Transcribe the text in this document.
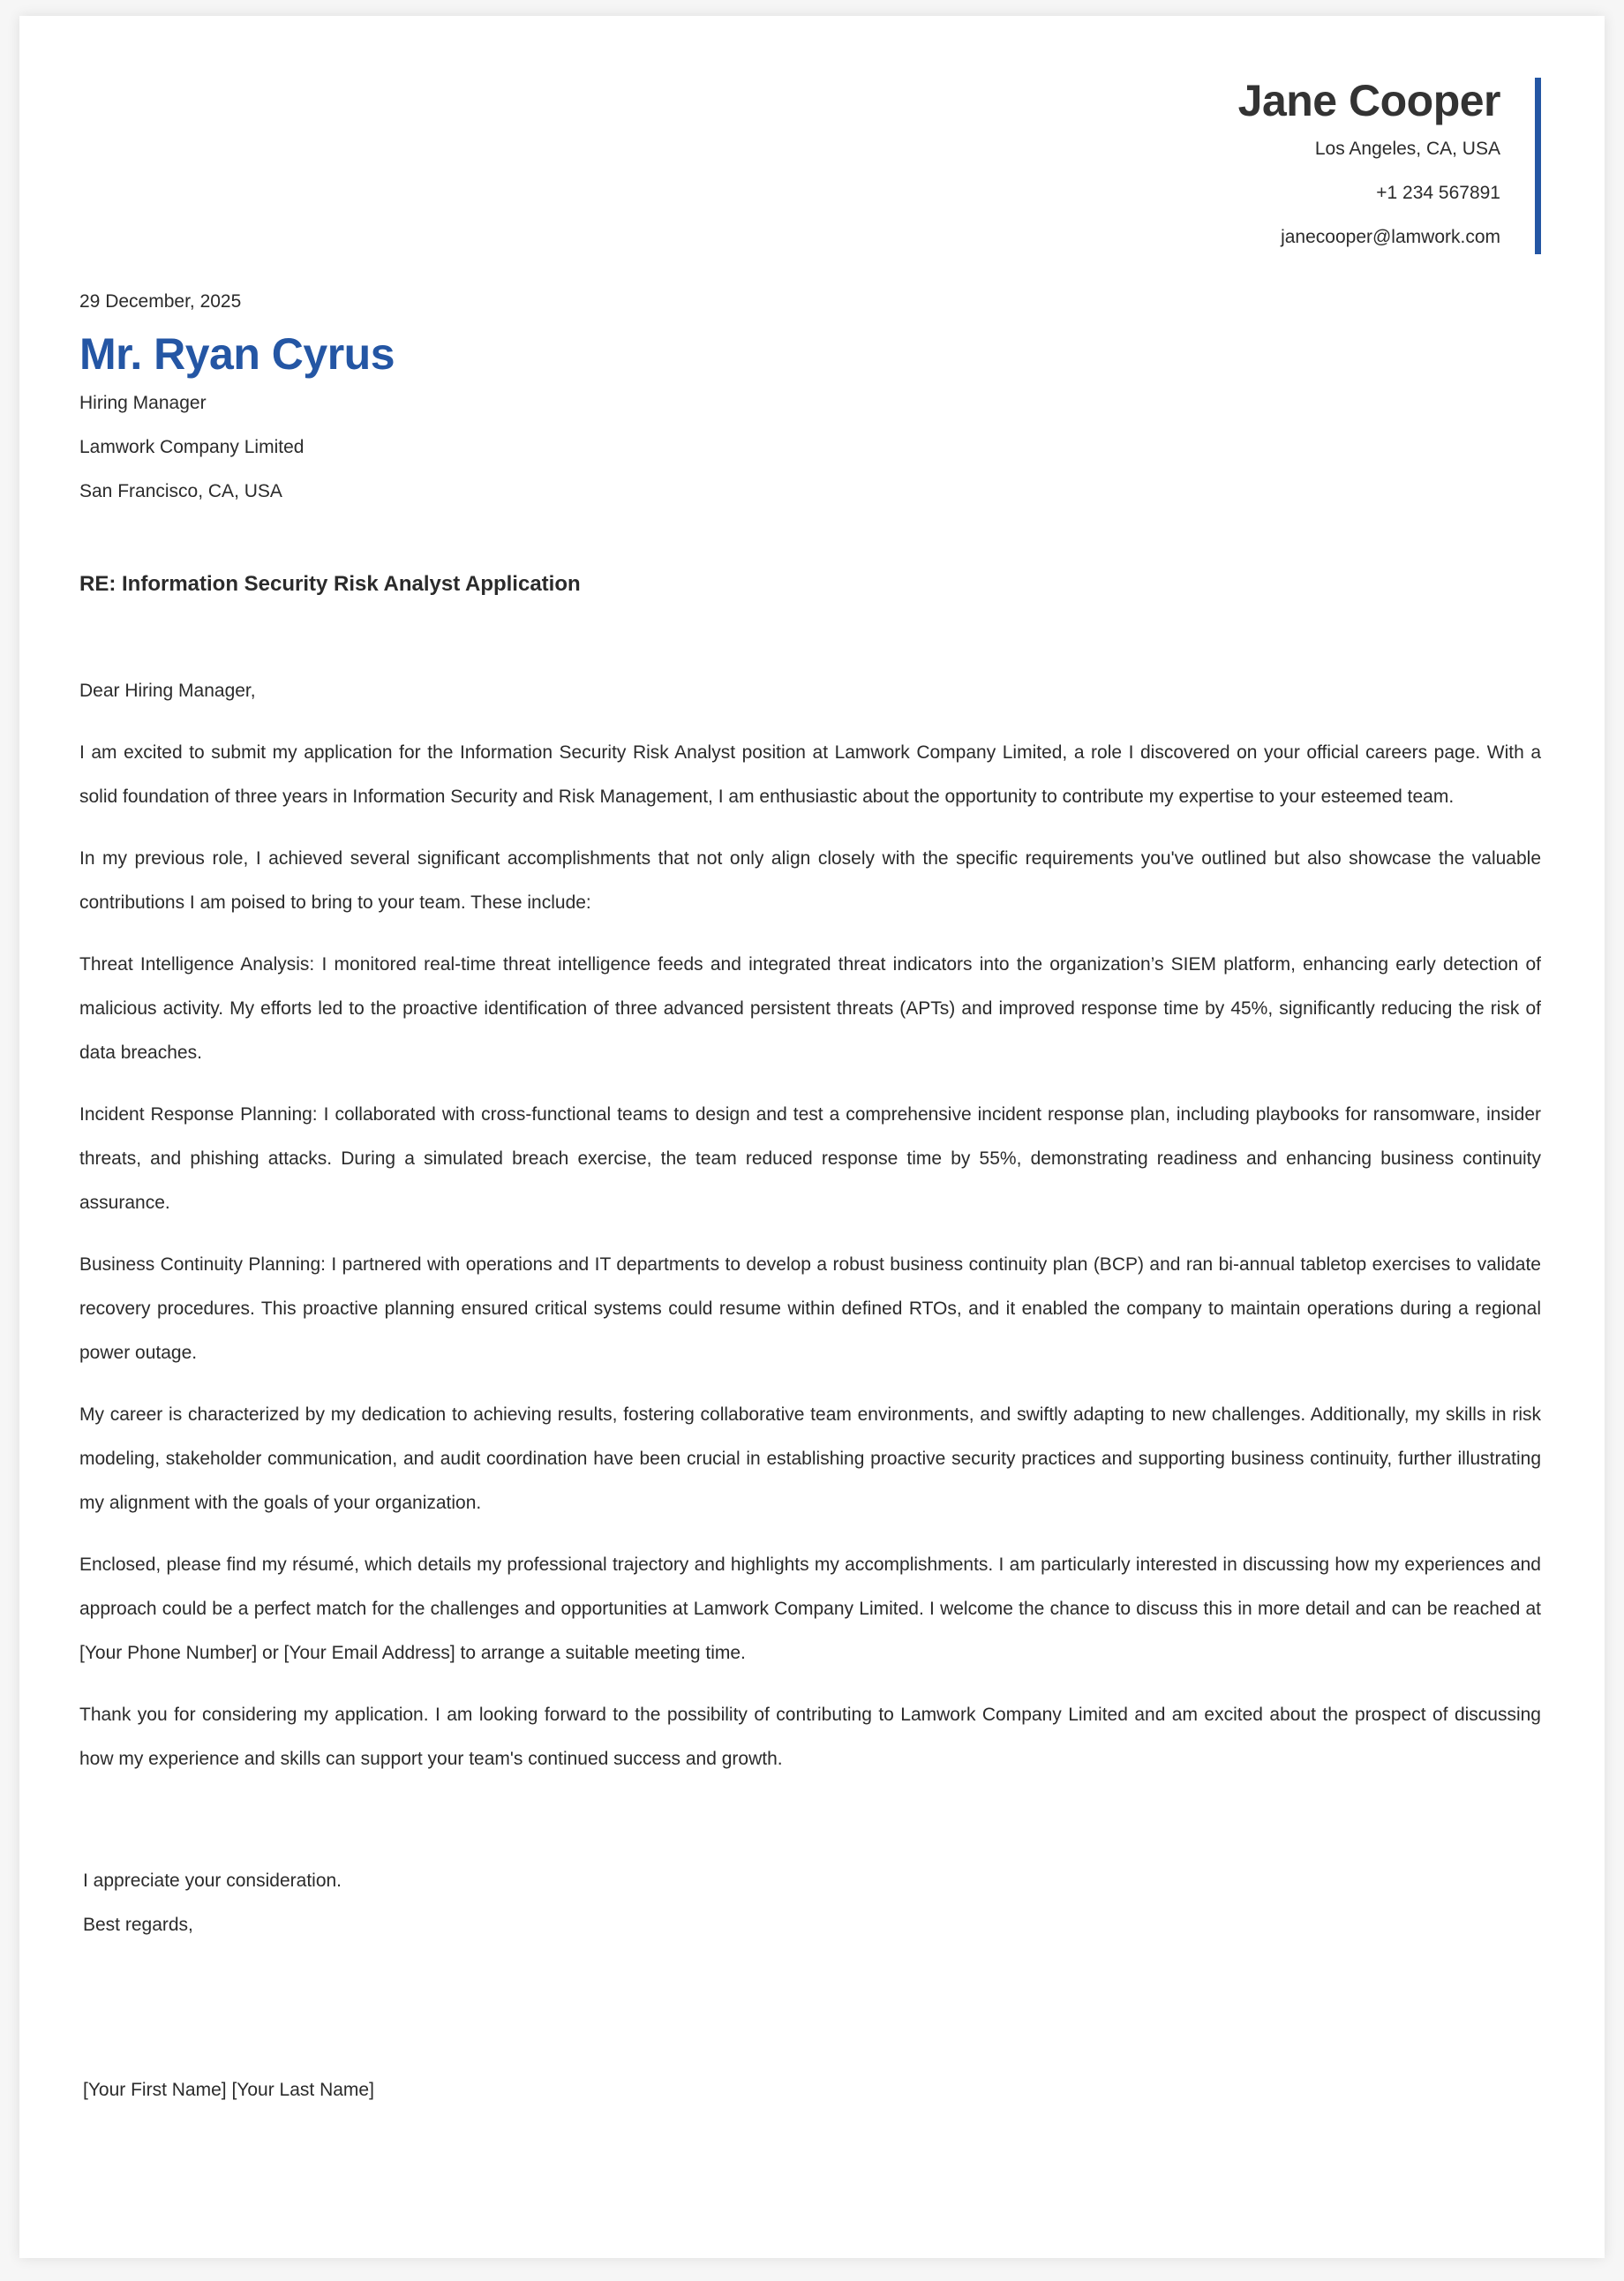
Jane Cooper
Los Angeles, CA, USA
+1 234 567891
janecooper@lamwork.com
29 December, 2025
Mr. Ryan Cyrus
Hiring Manager
Lamwork Company Limited
San Francisco, CA, USA
RE: Information Security Risk Analyst Application

Dear Hiring Manager,

I am excited to submit my application for the Information Security Risk Analyst position at Lamwork Company Limited, a role I discovered on your official careers page. With a solid foundation of three years in Information Security and Risk Management, I am enthusiastic about the opportunity to contribute my expertise to your esteemed team.

In my previous role, I achieved several significant accomplishments that not only align closely with the specific requirements you've outlined but also showcase the valuable contributions I am poised to bring to your team. These include:

Threat Intelligence Analysis: I monitored real-time threat intelligence feeds and integrated threat indicators into the organization’s SIEM platform, enhancing early detection of malicious activity. My efforts led to the proactive identification of three advanced persistent threats (APTs) and improved response time by 45%, significantly reducing the risk of data breaches.

Incident Response Planning: I collaborated with cross-functional teams to design and test a comprehensive incident response plan, including playbooks for ransomware, insider threats, and phishing attacks. During a simulated breach exercise, the team reduced response time by 55%, demonstrating readiness and enhancing business continuity assurance.

Business Continuity Planning: I partnered with operations and IT departments to develop a robust business continuity plan (BCP) and ran bi-annual tabletop exercises to validate recovery procedures. This proactive planning ensured critical systems could resume within defined RTOs, and it enabled the company to maintain operations during a regional power outage.

My career is characterized by my dedication to achieving results, fostering collaborative team environments, and swiftly adapting to new challenges. Additionally, my skills in risk modeling, stakeholder communication, and audit coordination have been crucial in establishing proactive security practices and supporting business continuity, further illustrating my alignment with the goals of your organization.

Enclosed, please find my résumé, which details my professional trajectory and highlights my accomplishments. I am particularly interested in discussing how my experiences and approach could be a perfect match for the challenges and opportunities at Lamwork Company Limited. I welcome the chance to discuss this in more detail and can be reached at [Your Phone Number] or [Your Email Address] to arrange a suitable meeting time.

Thank you for considering my application. I am looking forward to the possibility of contributing to Lamwork Company Limited and am excited about the prospect of discussing how my experience and skills can support your team's continued success and growth.

I appreciate your consideration.
Best regards,
[Your First Name] [Your Last Name]
